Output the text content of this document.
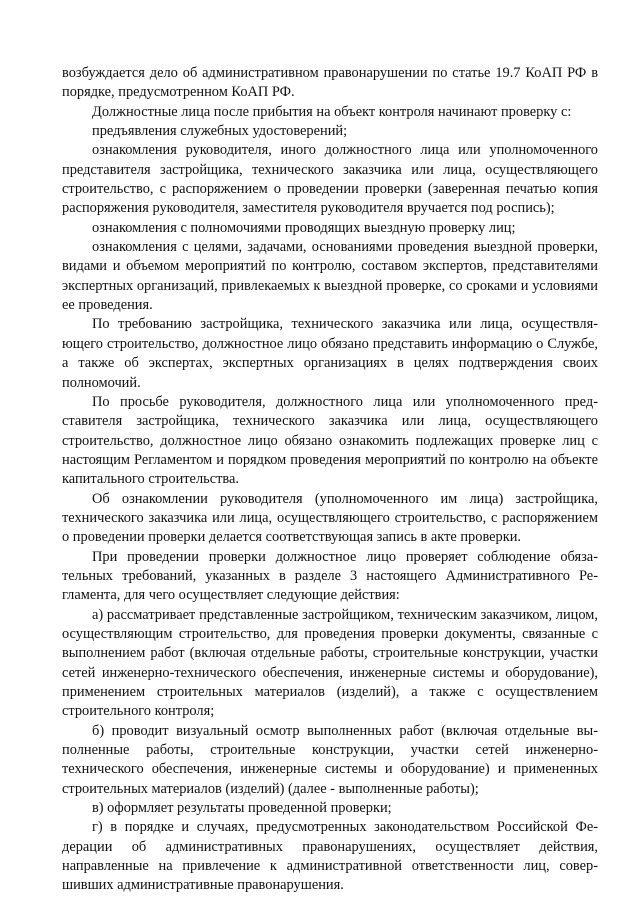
возбуждается дело об административном правонарушении по статье 19.7 КоАП РФ в порядке, предусмотренном КоАП РФ.

Должностные лица после прибытия на объект контроля начинают проверку с:

предъявления служебных удостоверений;

ознакомления руководителя, иного должностного лица или уполномоченного представителя застройщика, технического заказчика или лица, осуществляющего строительство, с распоряжением о проведении проверки (заверенная печатью копия распоряжения руководителя, заместителя руководителя вручается под роспись);

ознакомления с полномочиями проводящих выездную проверку лиц;

ознакомления с целями, задачами, основаниями проведения выездной проверки, видами и объемом мероприятий по контролю, составом экспертов, представителями экспертных организаций, привлекаемых к выездной проверке, со сроками и условиями ее проведения.

По требованию застройщика, технического заказчика или лица, осуществляющего строительство, должностное лицо обязано представить информацию о Службе, а также об экспертах, экспертных организациях в целях подтверждения своих полномочий.

По просьбе руководителя, должностного лица или уполномоченного представителя застройщика, технического заказчика или лица, осуществляющего строительство, должностное лицо обязано ознакомить подлежащих проверке лиц с настоящим Регламентом и порядком проведения мероприятий по контролю на объекте капитального строительства.

Об ознакомлении руководителя (уполномоченного им лица) застройщика, технического заказчика или лица, осуществляющего строительство, с распоряжением о проведении проверки делается соответствующая запись в акте проверки.

При проведении проверки должностное лицо проверяет соблюдение обязательных требований, указанных в разделе 3 настоящего Административного Регламента, для чего осуществляет следующие действия:

а) рассматривает представленные застройщиком, техническим заказчиком, лицом, осуществляющим строительство, для проведения проверки документы, связанные с выполнением работ (включая отдельные работы, строительные конструкции, участки сетей инженерно-технического обеспечения, инженерные системы и оборудование), применением строительных материалов (изделий), а также с осуществлением строительного контроля;

б) проводит визуальный осмотр выполненных работ (включая отдельные выполненные работы, строительные конструкции, участки сетей инженерно-технического обеспечения, инженерные системы и оборудование) и примененных строительных материалов (изделий) (далее - выполненные работы);

в) оформляет результаты проведенной проверки;

г) в порядке и случаях, предусмотренных законодательством Российской Федерации об административных правонарушениях, осуществляет действия, направленные на привлечение к административной ответственности лиц, совершивших административные правонарушения.
